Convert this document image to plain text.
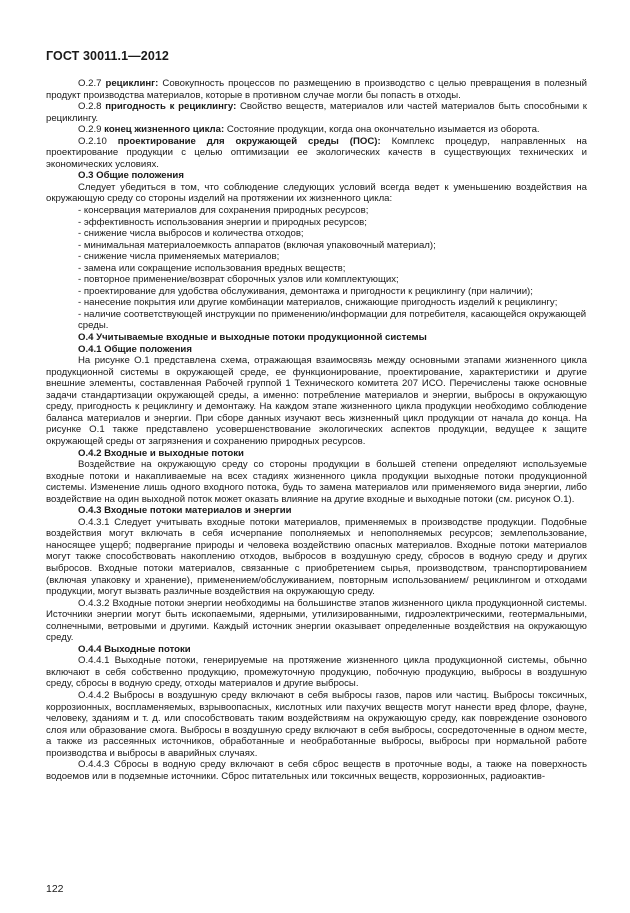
ГОСТ 30011.1—2012

O.2.7 рециклинг: Совокупность процессов по размещению в производство с целью превращения в полезный продукт производства материалов, которые в противном случае могли бы попасть в отходы.

O.2.8 пригодность к рециклингу: Свойство веществ, материалов или частей материалов быть способными к рециклингу.

O.2.9 конец жизненного цикла: Состояние продукции, когда она окончательно изымается из оборота.

O.2.10 проектирование для окружающей среды (ПОС): Комплекс процедур, направленных на проектирование продукции с целью оптимизации ее экологических качеств в существующих технических и экономических условиях.

O.3 Общие положения

Следует убедиться в том, что соблюдение следующих условий всегда ведет к уменьшению воздействия на окружающую среду со стороны изделий на протяжении их жизненного цикла:

- консервация материалов для сохранения природных ресурсов;

- эффективность использования энергии и природных ресурсов;

- снижение числа выбросов и количества отходов;

- минимальная материалоемкость аппаратов (включая упаковочный материал);

- снижение числа применяемых материалов;

- замена или сокращение использования вредных веществ;

- повторное применение/возврат сборочных узлов или комплектующих;

- проектирование для удобства обслуживания, демонтажа и пригодности к рециклингу (при наличии);

- нанесение покрытия или другие комбинации материалов, снижающие пригодность изделий к рециклингу;

- наличие соответствующей инструкции по применению/информации для потребителя, касающейся окружающей среды.

O.4 Учитываемые входные и выходные потоки продукционной системы

O.4.1 Общие положения

На рисунке O.1 представлена схема, отражающая взаимосвязь между основными этапами жизненного цикла продукционной системы в окружающей среде, ее функционирование, проектирование, характеристики и другие внешние элементы, составленная Рабочей группой 1 Технического комитета 207 ИСО. Перечислены также основные задачи стандартизации окружающей среды, а именно: потребление материалов и энергии, выбросы в окружающую среду, пригодность к рециклингу и демонтажу. На каждом этапе жизненного цикла продукции необходимо соблюдение баланса материалов и энергии. При сборе данных изучают весь жизненный цикл продукции от начала до конца. На рисунке O.1 также представлено усовершенствование экологических аспектов продукции, ведущее к защите окружающей среды от загрязнения и сохранению природных ресурсов.

O.4.2 Входные и выходные потоки

Воздействие на окружающую среду со стороны продукции в большей степени определяют используемые входные потоки и накапливаемые на всех стадиях жизненного цикла продукции выходные потоки продукционной системы. Изменение лишь одного входного потока, будь то замена материалов или применяемого вида энергии, либо воздействие на один выходной поток может оказать влияние на другие входные и выходные потоки (см. рисунок O.1).

O.4.3 Входные потоки материалов и энергии

O.4.3.1 Следует учитывать входные потоки материалов, применяемых в производстве продукции. Подобные воздействия могут включать в себя исчерпание пополняемых и непополняемых ресурсов; землепользование, наносящее ущерб; подвергание природы и человека воздействию опасных материалов. Входные потоки материалов могут также способствовать накоплению отходов, выбросов в воздушную среду, сбросов в водную среду и других выбросов. Входные потоки материалов, связанные с приобретением сырья, производством, транспортированием (включая упаковку и хранение), применением/обслуживанием, повторным использованием/ рециклингом и отходами продукции, могут вызвать различные воздействия на окружающую среду.

O.4.3.2 Входные потоки энергии необходимы на большинстве этапов жизненного цикла продукционной системы. Источники энергии могут быть ископаемыми, ядерными, утилизированными, гидроэлектрическими, геотермальными, солнечными, ветровыми и другими. Каждый источник энергии оказывает определенные воздействия на окружающую среду.

O.4.4 Выходные потоки

O.4.4.1 Выходные потоки, генерируемые на протяжение жизненного цикла продукционной системы, обычно включают в себя собственно продукцию, промежуточную продукцию, побочную продукцию, выбросы в воздушную среду, сбросы в водную среду, отходы материалов и другие выбросы.

O.4.4.2 Выбросы в воздушную среду включают в себя выбросы газов, паров или частиц. Выбросы токсичных, коррозионных, воспламеняемых, взрывоопасных, кислотных или пахучих веществ могут нанести вред флоре, фауне, человеку, зданиям и т. д. или способствовать таким воздействиям на окружающую среду, как повреждение озонового слоя или образование смога. Выбросы в воздушную среду включают в себя выбросы, сосредоточенные в одном месте, а также из рассеянных источников, обработанные и необработанные выбросы, выбросы при нормальной работе производства и выбросы в аварийных случаях.

O.4.4.3 Сбросы в водную среду включают в себя сброс веществ в проточные воды, а также на поверхность водоемов или в подземные источники. Сброс питательных или токсичных веществ, коррозионных, радиоактив-

122
